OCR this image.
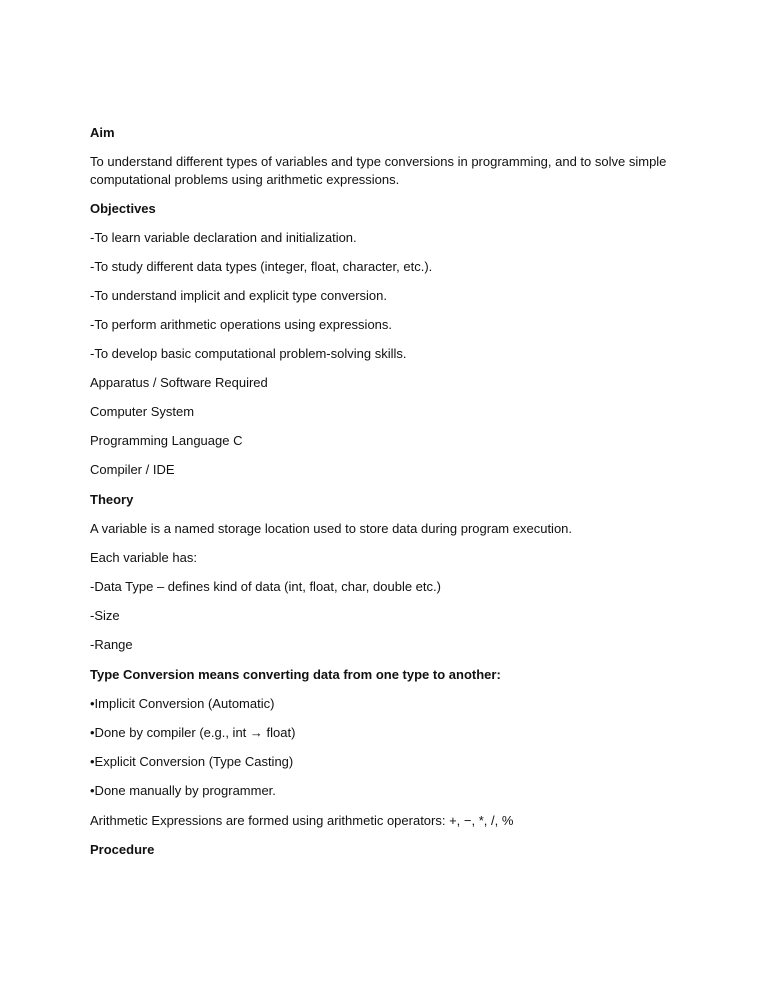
Aim
To understand different types of variables and type conversions in programming, and to solve simple computational problems using arithmetic expressions.
Objectives
-To learn variable declaration and initialization.
-To study different data types (integer, float, character, etc.).
-To understand implicit and explicit type conversion.
-To perform arithmetic operations using expressions.
-To develop basic computational problem-solving skills.
Apparatus / Software Required
Computer System
Programming Language C
Compiler / IDE
Theory
A variable is a named storage location used to store data during program execution.
Each variable has:
-Data Type – defines kind of data (int, float, char, double etc.)
-Size
-Range
Type Conversion means converting data from one type to another:
•Implicit Conversion (Automatic)
•Done by compiler (e.g., int → float)
•Explicit Conversion (Type Casting)
•Done manually by programmer.
Arithmetic Expressions are formed using arithmetic operators: +, −, *, /, %
Procedure
